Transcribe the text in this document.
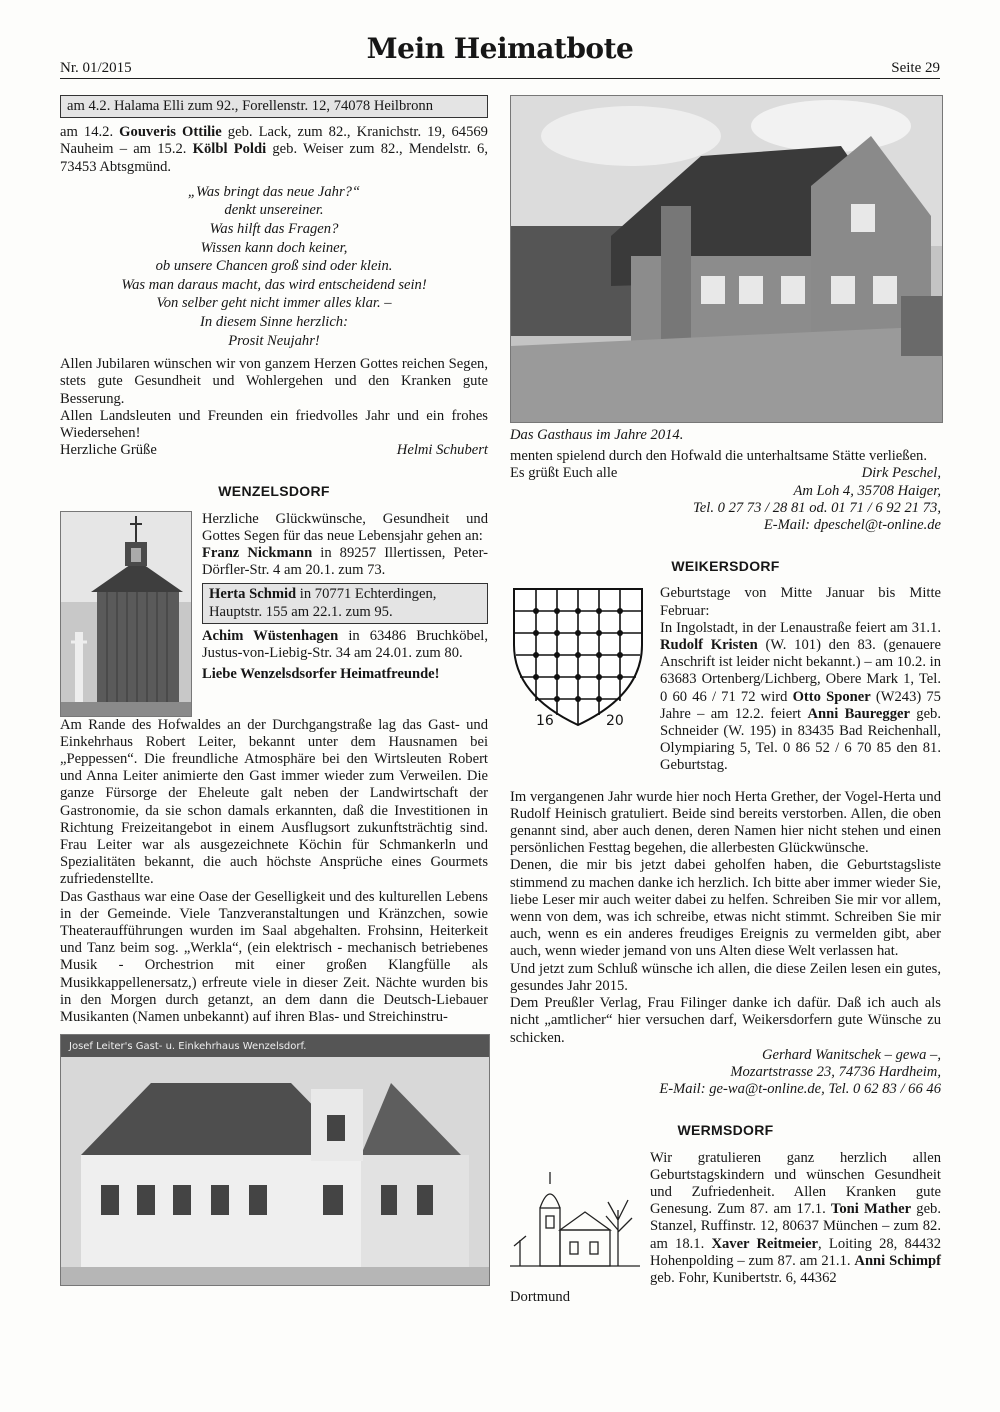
Nr. 01/2015
Mein Heimatbote
Seite 29
am 4.2. Halama Elli zum 92., Forellenstr. 12, 74078 Heilbronn

am 14.2. Gouveris Ottilie geb. Lack, zum 82., Kranichstr. 19, 64569 Nauheim – am 15.2. Kölbl Poldi geb. Weiser zum 82., Mendelstr. 6, 73453 Abtsgmünd.

„Was bringt das neue Jahr?“
denkt unsereiner.
Was hilft das Fragen?
Wissen kann doch keiner,
ob unsere Chancen groß sind oder klein.
Was man daraus macht, das wird entscheidend sein!
Von selber geht nicht immer alles klar. –
In diesem Sinne herzlich:
Prosit Neujahr!

Allen Jubilaren wünschen wir von ganzem Herzen Gottes reichen Segen, stets gute Gesundheit und Wohlergehen und den Kranken gute Besserung.

Allen Landsleuten und Freunden ein friedvolles Jahr und ein frohes Wiedersehen!

Herzliche Grüße	Helmi Schubert
WENZELSDORF

Herzliche Glückwünsche, Gesundheit und Gottes Segen für das neue Lebensjahr gehen an:

Franz Nickmann in 89257 Illertissen, Peter-Dörfler-Str. 4 am 20.1. zum 73.

Herta Schmid in 70771 Echterdingen, Hauptstr. 155 am 22.1. zum 95.

Achim Wüstenhagen in 63486 Bruchköbel, Justus-von-Liebig-Str. 34 am 24.01. zum 80.

Liebe Wenzelsdsorfer Heimatfreunde!

Am Rande des Hofwaldes an der Durchgangstraße lag das Gast- und Einkehrhaus Robert Leiter, bekannt unter dem Hausnamen bei „Peppessen“. Die freundliche Atmosphäre bei den Wirtsleuten Robert und Anna Leiter animierte den Gast immer wieder zum Verweilen. Die ganze Fürsorge der Eheleute galt neben der Landwirtschaft der Gastronomie, da sie schon damals erkannten, daß die Investitionen in Richtung Freizeitangebot in einem Ausflugsort zukunftsträchtig sind. Frau Leiter war als ausgezeichnete Köchin für Schmankerln und Spezialitäten bekannt, die auch höchste Ansprüche eines Gourmets zufriedenstellte.

Das Gasthaus war eine Oase der Geselligkeit und des kulturellen Lebens in der Gemeinde. Viele Tanzveranstaltungen und Kränzchen, sowie Theateraufführungen wurden im Saal abgehalten. Frohsinn, Heiterkeit und Tanz beim sog. „Werkla“, (ein elektrisch - mechanisch betriebenes Musik - Orchestrion mit einer großen Klangfülle als Musikkappellenersatz,) erfreute viele in dieser Zeit. Nächte wurden bis in den Morgen durch getanzt, an dem dann die Deutsch-Liebauer Musikanten (Namen unbekannt) auf ihren Blas- und Streichinstru-

Josef Leiter's Gast- u. Einkehrhaus Wenzelsdorf.
Das Gasthaus im Jahre 2014.

menten spielend durch den Hofwald die unterhaltsame Stätte verließen.

Es grüßt Euch alle	Dirk Peschel,
Am Loh 4, 35708 Haiger,
Tel. 0 27 73 / 28 81 od. 01 71 / 6 92 21 73,
E-Mail: dpeschel@t-online.de
WEIKERSDORF
16	20

Geburtstage von Mitte Januar bis Mitte Februar:

In Ingolstadt, in der Lenaustraße feiert am 31.1. Rudolf Kristen (W. 101) den 83. (genauere Anschrift ist leider nicht bekannt.) – am 10.2. in 63683 Ortenberg/Lichberg, Obere Mark 1, Tel. 0 60 46 / 71 72 wird Otto Sponer (W243) 75 Jahre – am 12.2. feiert Anni Bauregger geb. Schneider (W. 195) in 83435 Bad Reichenhall, Olympiaring 5, Tel. 0 86 52 / 6 70 85 den 81. Geburtstag.

Im vergangenen Jahr wurde hier noch Herta Grether, der Vogel-Herta und Rudolf Heinisch gratuliert. Beide sind bereits verstorben. Allen, die oben genannt sind, aber auch denen, deren Namen hier nicht stehen und einen persönlichen Festtag begehen, die allerbesten Glückwünsche.

Denen, die mir bis jetzt dabei geholfen haben, die Geburtstagsliste stimmend zu machen danke ich herzlich. Ich bitte aber immer wieder Sie, liebe Leser mir auch weiter dabei zu helfen. Schreiben Sie mir vor allem, wenn von dem, was ich schreibe, etwas nicht stimmt. Schreiben Sie mir auch, wenn es ein anderes freudiges Ereignis zu vermelden gibt, aber auch, wenn wieder jemand von uns Alten diese Welt verlassen hat.

Und jetzt zum Schluß wünsche ich allen, die diese Zeilen lesen ein gutes, gesundes Jahr 2015.

Dem Preußler Verlag, Frau Filinger danke ich dafür. Daß ich auch als nicht „amtlicher“ hier versuchen darf, Weikersdorfern gute Wünsche zu schicken.

Gerhard Wanitschek – gewa –,
Mozartstrasse 23, 74736 Hardheim,
E-Mail: ge-wa@t-online.de, Tel. 0 62 83 / 66 46
WERMSDORF

Wir gratulieren ganz herzlich allen Geburtstagskindern und wünschen Gesundheit und Zufriedenheit. Allen Kranken gute Genesung. Zum 87. am 17.1. Toni Mather geb. Stanzel, Ruffinstr. 12, 80637 München – zum 82. am 18.1. Xaver Reitmeier, Loiting 28, 84432 Hohenpolding – zum 87. am 21.1. Anni Schimpf geb. Fohr, Kunibertstr. 6, 44362

Dortmund
